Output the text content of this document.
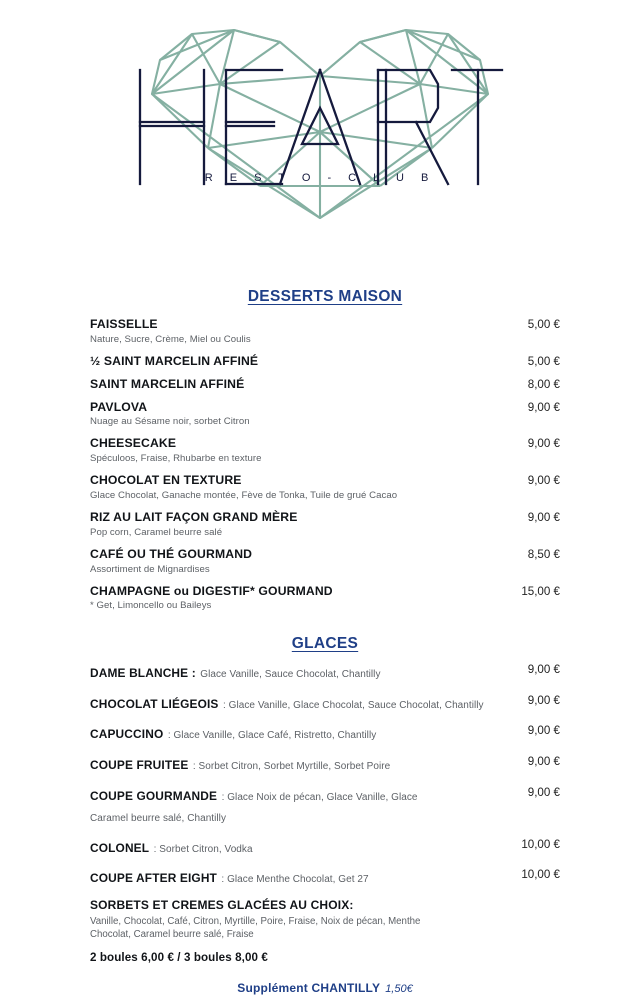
R E S T O - C L U B
DESSERTS MAISON
FAISSELLE
Nature, Sucre, Crème, Miel ou Coulis
5,00 €
½ SAINT MARCELIN AFFINÉ	5,00 €
SAINT MARCELIN AFFINÉ	8,00 €
PAVLOVA
Nuage au Sésame noir, sorbet Citron
9,00 €
CHEESECAKE
Spéculoos, Fraise, Rhubarbe en texture
9,00 €
CHOCOLAT EN TEXTURE
Glace Chocolat, Ganache montée, Fève de Tonka, Tuile de grué Cacao
9,00 €
RIZ AU LAIT FAÇON GRAND MÈRE
Pop corn, Caramel beurre salé
9,00 €
CAFÉ OU THÉ GOURMAND
Assortiment de Mignardises
8,50 €
CHAMPAGNE ou DIGESTIF* GOURMAND
* Get, Limoncello ou Baileys
15,00 €
GLACES
DAME BLANCHE : Glace Vanille, Sauce Chocolat, Chantilly	9,00 €
CHOCOLAT LIÉGEOIS : Glace Vanille, Glace Chocolat, Sauce Chocolat, Chantilly	9,00 €
CAPUCCINO : Glace Vanille, Glace Café, Ristretto, Chantilly	9,00 €
COUPE FRUITEE : Sorbet Citron, Sorbet Myrtille, Sorbet Poire	9,00 €
COUPE GOURMANDE : Glace Noix de pécan, Glace Vanille, Glace Caramel beurre salé, Chantilly
9,00 €
COLONEL : Sorbet Citron, Vodka	10,00 €
COUPE AFTER EIGHT : Glace Menthe Chocolat, Get 27	10,00 €
SORBETS ET CREMES GLACÉES AU CHOIX:
Vanille, Chocolat, Café, Citron, Myrtille, Poire, Fraise, Noix de pécan, Menthe Chocolat, Caramel beurre salé, Fraise
2 boules 6,00 € / 3 boules 8,00 €
Supplément CHANTILLY 1,50€
